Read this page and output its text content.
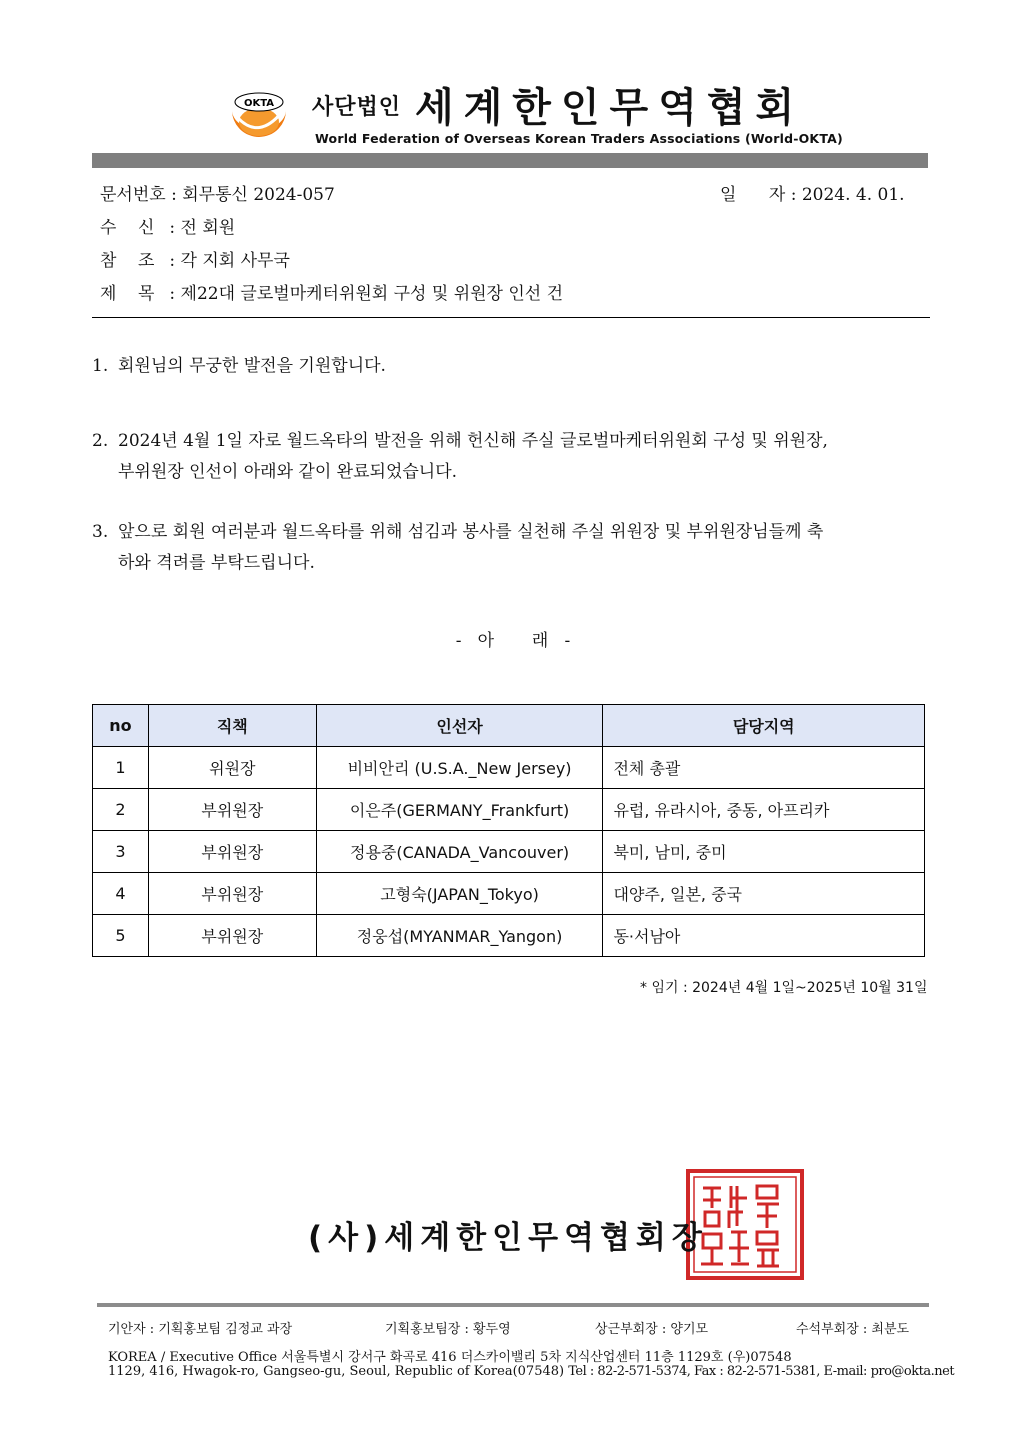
OKTA 사단법인 세계한인무역협회
World Federation of Overseas Korean Traders Associations (World-OKTA)
문서번호 : 회무통신 2024-057	일      자 : 2024. 4. 01.
수    신 : 전 회원
참    조 : 각 지회 사무국
제    목 : 제22대 글로벌마케터위원회 구성 및 위원장 인선 건
1. 회원님의 무궁한 발전을 기원합니다.
2. 2024년 4월 1일 자로 월드옥타의 발전을 위해 헌신해 주실 글로벌마케터위원회 구성 및 위원장,
부위원장 인선이 아래와 같이 완료되었습니다.
3. 앞으로 회원 여러분과 월드옥타를 위해 섬김과 봉사를 실천해 주실 위원장 및 부위원장님들께 축
하와 격려를 부탁드립니다.
-   아       래   -
no	직책	인선자	담당지역
1	위원장	비비안리 (U.S.A._New Jersey)	전체 총괄
2	부위원장	이은주(GERMANY_Frankfurt)	유럽, 유라시아, 중동, 아프리카
3	부위원장	정용중(CANADA_Vancouver)	북미, 남미, 중미
4	부위원장	고형숙(JAPAN_Tokyo)	대양주, 일본, 중국
5	부위원장	정웅섭(MYANMAR_Yangon)	동·서남아
* 임기 : 2024년 4월 1일~2025년 10월 31일
(사)세계한인무역협회장
기안자 : 기획홍보팀 김정교 과장	기획홍보팀장 : 황두영	상근부회장 : 양기모	수석부회장 : 최분도
KOREA / Executive Office 서울특별시 강서구 화곡로 416 더스카이밸리 5차 지식산업센터 11층 1129호 (우)07548
1129, 416, Hwagok-ro, Gangseo-gu, Seoul, Republic of Korea(07548) Tel : 82-2-571-5374, Fax : 82-2-571-5381, E-mail: pro@okta.net
